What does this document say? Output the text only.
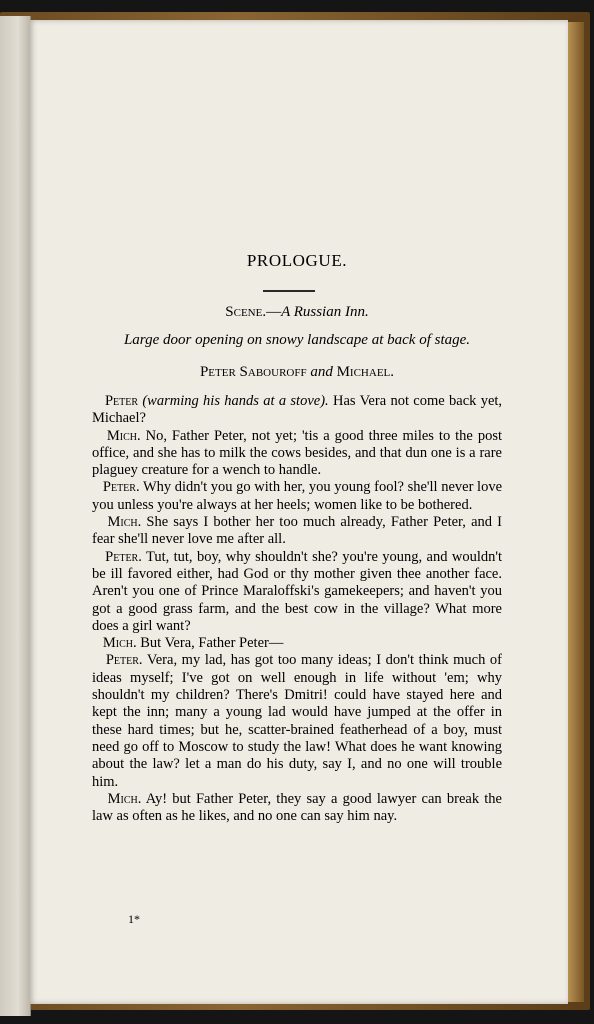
PROLOGUE.
Scene.—A Russian Inn.
Large door opening on snowy landscape at back of stage.
Peter Sabouroff and Michael.

Peter (warming his hands at a stove). Has Vera not come back yet, Michael?

Mich. No, Father Peter, not yet; 'tis a good three miles to the post office, and she has to milk the cows besides, and that dun one is a rare plaguey creature for a wench to handle.

Peter. Why didn't you go with her, you young fool? she'll never love you unless you're always at her heels; women like to be bothered.

Mich. She says I bother her too much already, Father Peter, and I fear she'll never love me after all.

Peter. Tut, tut, boy, why shouldn't she? you're young, and wouldn't be ill favored either, had God or thy mother given thee another face. Aren't you one of Prince Maraloffski's gamekeepers; and haven't you got a good grass farm, and the best cow in the village? What more does a girl want?

Mich. But Vera, Father Peter—

Peter. Vera, my lad, has got too many ideas; I don't think much of ideas myself; I've got on well enough in life without 'em; why shouldn't my children? There's Dmitri! could have stayed here and kept the inn; many a young lad would have jumped at the offer in these hard times; but he, scatter-brained featherhead of a boy, must need go off to Moscow to study the law! What does he want knowing about the law? let a man do his duty, say I, and no one will trouble him.

Mich. Ay! but Father Peter, they say a good lawyer can break the law as often as he likes, and no one can say him nay.

1*
